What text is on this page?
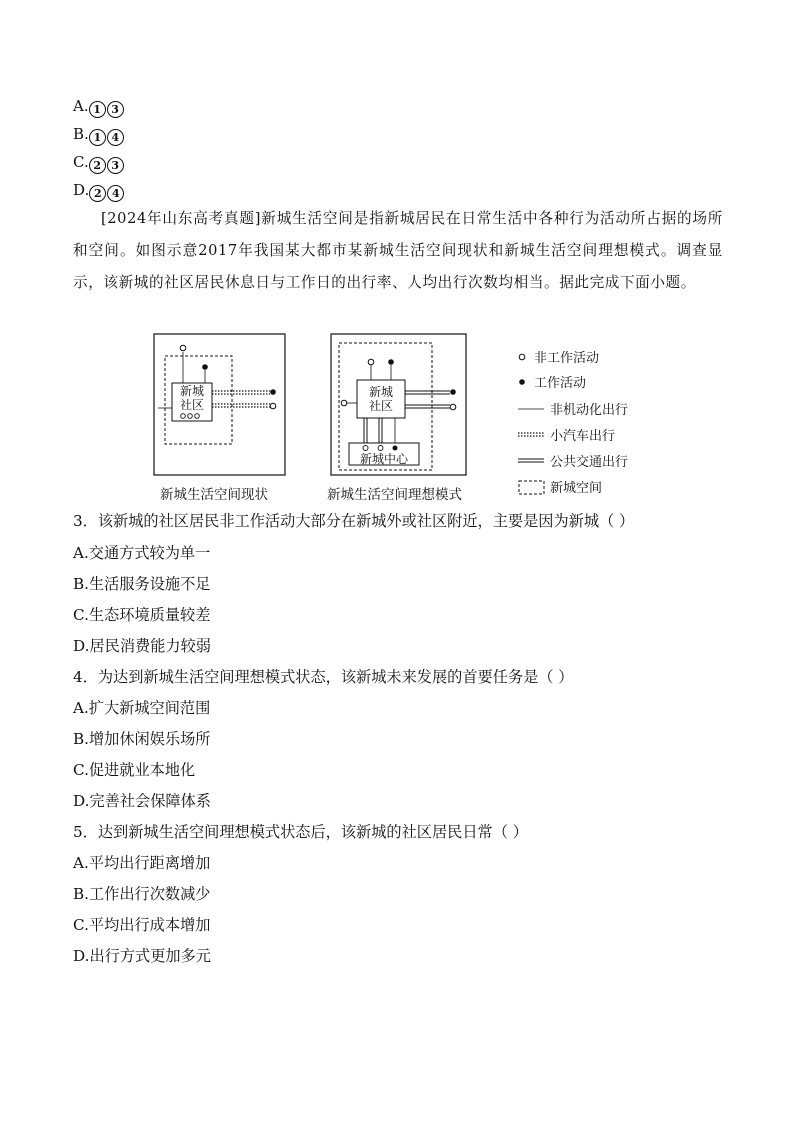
A. 1 3
B. 1 4
C. 2 3
D. 2 4
[2024年山东高考真题]新城生活空间是指新城居民在日常生活中各种行为活动所占据的场所和空间。如图示意2017年我国某大都市某新城生活空间现状和新城生活空间理想模式。调查显示，该新城的社区居民休息日与工作日的出行率、人均出行次数均相当。据此完成下面小题。
新城
社区
新城
社区
新城中心
非工作活动
工作活动
非机动化出行
小汽车出行
公共交通出行
新城空间
新城生活空间现状	新城生活空间理想模式
3．该新城的社区居民非工作活动大部分在新城外或社区附近，主要是因为新城（ ）
A.交通方式较为单一
B.生活服务设施不足
C.生态环境质量较差
D.居民消费能力较弱
4．为达到新城生活空间理想模式状态，该新城未来发展的首要任务是（ ）
A.扩大新城空间范围
B.增加休闲娱乐场所
C.促进就业本地化
D.完善社会保障体系
5．达到新城生活空间理想模式状态后，该新城的社区居民日常（ ）
A.平均出行距离增加
B.工作出行次数减少
C.平均出行成本增加
D.出行方式更加多元
